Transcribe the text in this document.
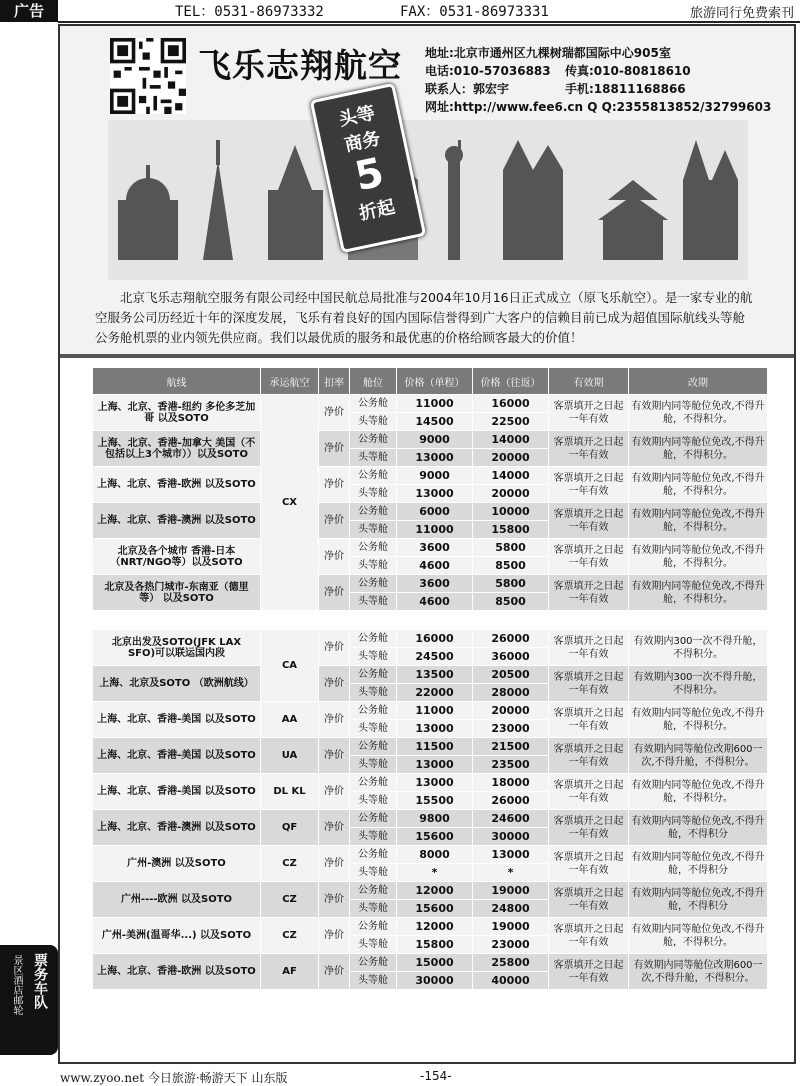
广告	TEL：0531-86973332	FAX：0531-86973331	旅游同行免费索刊
飞乐志翔航空 地址:北京市通州区九棵树瑞都国际中心905室
电话:010-57036883 传真:010-80818610
联系人：郭宏宇	手机:18811168866
网址:http://www.fee6.cn Q Q:2355813852/32799603
头等
商务
5
折起
北京飞乐志翔航空服务有限公司经中国民航总局批准与2004年10月16日正式成立（原飞乐航空）。是一家专业的航空服务公司历经近十年的深度发展，飞乐有着良好的国内国际信誉得到广大客户的信赖目前已成为超值国际航线头等舱公务舱机票的业内领先供应商。我们以最优质的服务和最优惠的价格给顾客最大的价值！
航线	承运航空	扣率	舱位	价格（单程）	价格（往返）	有效期	改期
上海、北京、香港-纽约 多伦多芝加哥 以及SOTO	CX	净价	公务舱	11000	16000	客票填开之日起一年有效	有效期内同等舱位免改,不得升舱，不得积分。
			头等舱	14500	22500		
上海、北京、香港-加拿大 美国（不包括以上3个城市））以及SOTO		净价	公务舱	9000	14000	客票填开之日起一年有效	有效期内同等舱位免改,不得升舱，不得积分。
			头等舱	13000	20000		
上海、北京、香港-欧洲 以及SOTO		净价	公务舱	9000	14000	客票填开之日起一年有效	有效期内同等舱位免改,不得升舱，不得积分。
			头等舱	13000	20000		
上海、北京、香港-澳洲 以及SOTO		净价	公务舱	6000	10000	客票填开之日起一年有效	有效期内同等舱位免改,不得升舱，不得积分。
			头等舱	11000	15800		
北京及各个城市 香港-日本（NRT/NGO等）以及SOTO		净价	公务舱	3600	5800	客票填开之日起一年有效	有效期内同等舱位免改,不得升舱，不得积分。
			头等舱	4600	8500		
北京及各热门城市-东南亚（德里等） 以及SOTO		净价	公务舱	3600	5800	客票填开之日起一年有效	有效期内同等舱位免改,不得升舱，不得积分。
			头等舱	4600	8500		

北京出发及SOTO(JFK LAX SFO)可以联运国内段	CA	净价	公务舱	16000	26000	客票填开之日起一年有效	有效期内300一次不得升舱，不得积分。
			头等舱	24500	36000		
上海、北京及SOTO （欧洲航线）		净价	公务舱	13500	20500	客票填开之日起一年有效	有效期内300一次不得升舱，不得积分。
			头等舱	22000	28000		
上海、北京、香港-美国 以及SOTO	AA	净价	公务舱	11000	20000	客票填开之日起一年有效	有效期内同等舱位免改,不得升舱，不得积分。
			头等舱	13000	23000		
上海、北京、香港-美国 以及SOTO	UA	净价	公务舱	11500	21500	客票填开之日起一年有效	有效期内同等舱位改期600一次,不得升舱，不得积分。
			头等舱	13000	23500		
上海、北京、香港-美国 以及SOTO	DL KL	净价	公务舱	13000	18000	客票填开之日起一年有效	有效期内同等舱位免改,不得升舱，不得积分。
			头等舱	15500	26000		
上海、北京、香港-澳洲 以及SOTO	QF	净价	公务舱	9800	24600	客票填开之日起一年有效	有效期内同等舱位免改,不得升舱，不得积分
			头等舱	15600	30000		
广州-澳洲 以及SOTO	CZ	净价	公务舱	8000	13000	客票填开之日起一年有效	有效期内同等舱位免改,不得升舱，不得积分
			头等舱	*	*		
广州----欧洲 以及SOTO	CZ	净价	公务舱	12000	19000	客票填开之日起一年有效	有效期内同等舱位免改,不得升舱，不得积分
			头等舱	15600	24800		
广州-美洲(温哥华...) 以及SOTO	CZ	净价	公务舱	12000	19000	客票填开之日起一年有效	有效期内同等舱位免改,不得升舱，不得积分。
			头等舱	15800	23000		
上海、北京、香港-欧洲 以及SOTO	AF	净价	公务舱	15000	25800	客票填开之日起一年有效	有效期内同等舱位改期600一次,不得升舱，不得积分。
			头等舱	30000	40000		
票务车队
景区酒店邮轮
www.zyoo.net 今日旅游·畅游天下 山东版	-154-
